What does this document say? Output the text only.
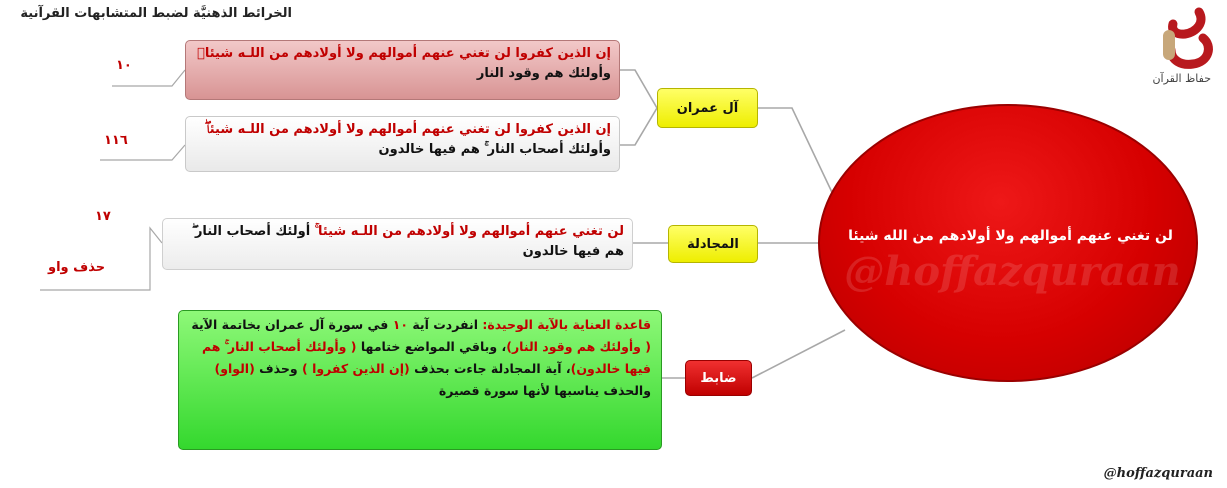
الخرائط الذهنيَّة لضبط المتشابهات القرآنية
حفاظ القرآن
@hoffazquraan
لن تغني عنهم أموالهم ولا أولادهم من الله شيئا
آل عمران
المجادلة
ضابط
إن الذين كفروا لن تغني عنهم أموالهم ولا أولادهم من اللـه شيئا وأولئك هم وقود النار
١٠
إن الذين كفروا لن تغني عنهم أموالهم ولا أولادهم من اللـه شيئا وأولئك أصحاب النار ۚ هم فيها خالدون
١١٦
لن تغني عنهم أموالهم ولا أولادهم من اللـه شيئا ۚ أولئك أصحاب النار ۖ هم فيها خالدون
١٧
حذف واو
قاعدة العناية بالآية الوحيدة: انفردت آية ١٠ في سورة آل عمران بخاتمة الآية ( وأولئك هم وقود النار)، وباقي المواضع ختامها ( وأولئك أصحاب النار ۚ هم فيها خالدون)، آية المجادلة جاءت بحذف (إن الذين كفروا ) وحذف (الواو) والحذف يناسبها لأنها سورة قصيرة
@hoffazquraan
